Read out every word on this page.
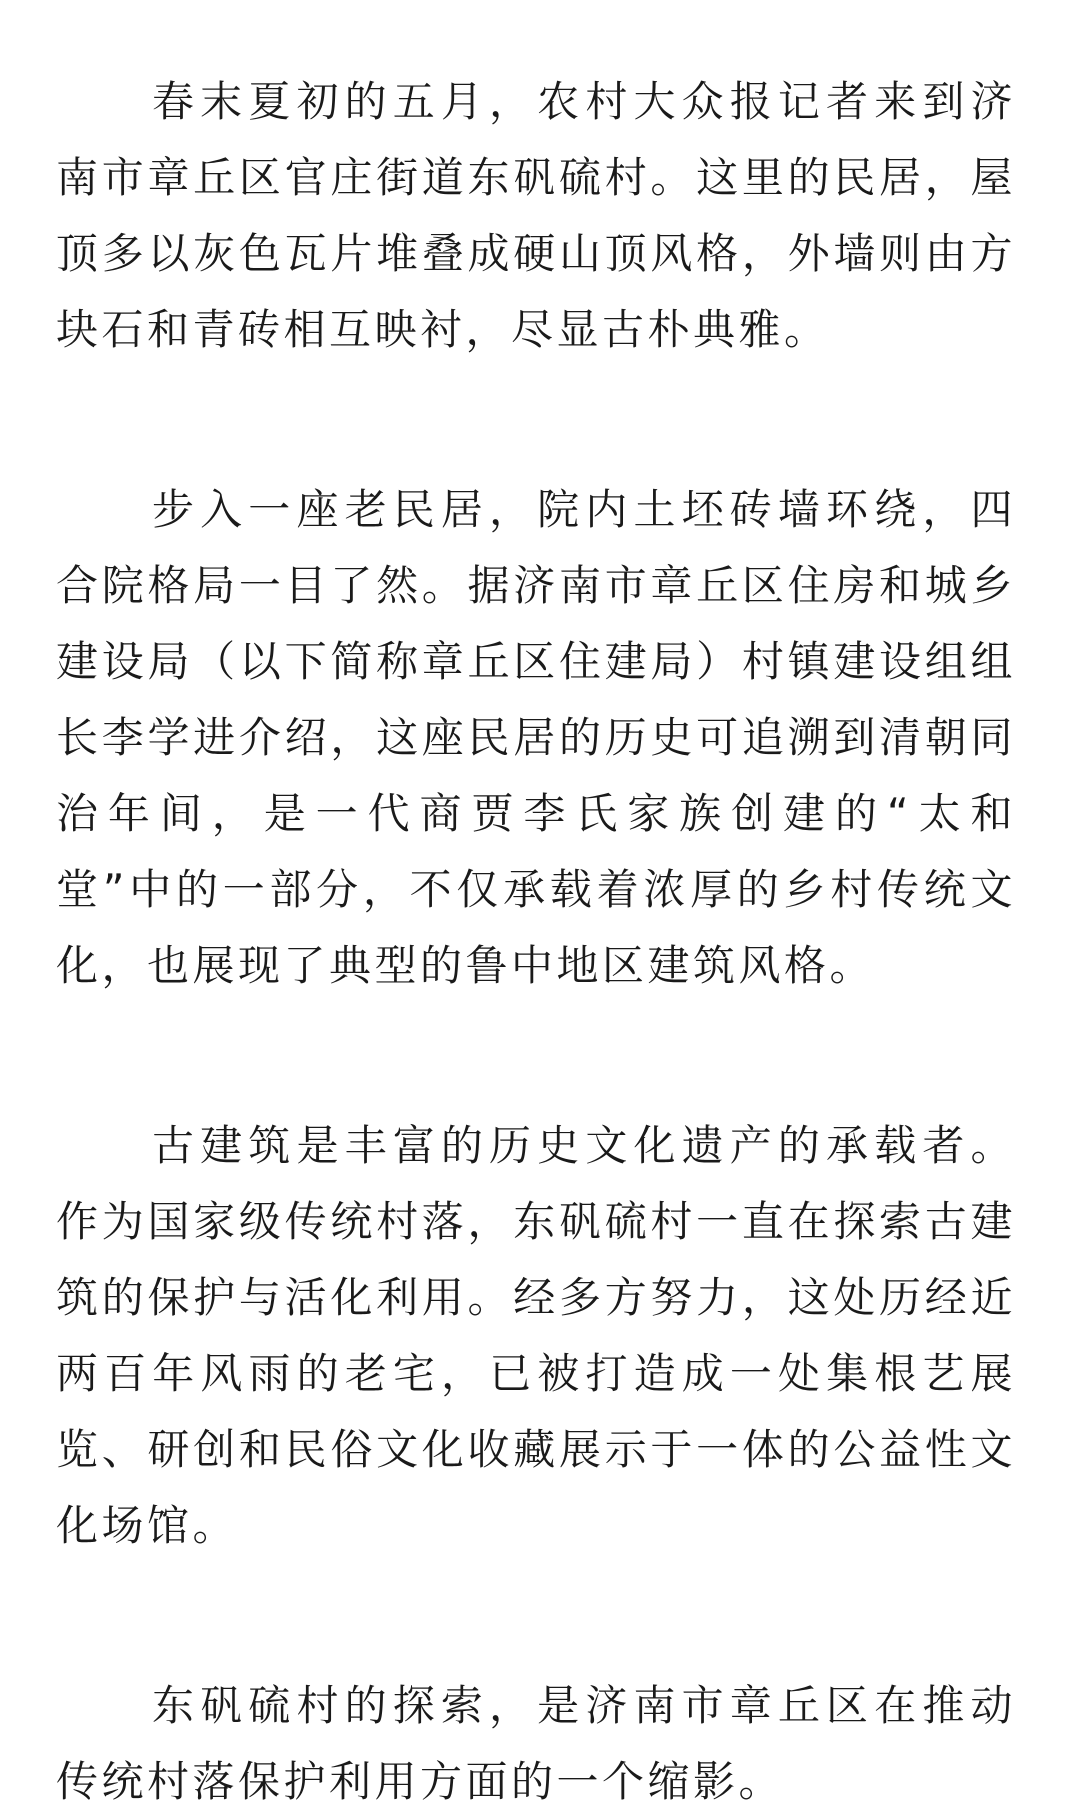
春末夏初的五月，农村大众报记者来到济南市章丘区官庄街道东矾硫村。这里的民居，屋顶多以灰色瓦片堆叠成硬山顶风格，外墙则由方块石和青砖相互映衬，尽显古朴典雅。

步入一座老民居，院内土坯砖墙环绕，四合院格局一目了然。据济南市章丘区住房和城乡建设局（以下简称章丘区住建局）村镇建设组组长李学进介绍，这座民居的历史可追溯到清朝同治年间，是一代商贾李氏家族创建的“太和堂”中的一部分，不仅承载着浓厚的乡村传统文化，也展现了典型的鲁中地区建筑风格。

古建筑是丰富的历史文化遗产的承载者。作为国家级传统村落，东矾硫村一直在探索古建筑的保护与活化利用。经多方努力，这处历经近两百年风雨的老宅，已被打造成一处集根艺展览、研创和民俗文化收藏展示于一体的公益性文化场馆。

东矾硫村的探索，是济南市章丘区在推动传统村落保护利用方面的一个缩影。
